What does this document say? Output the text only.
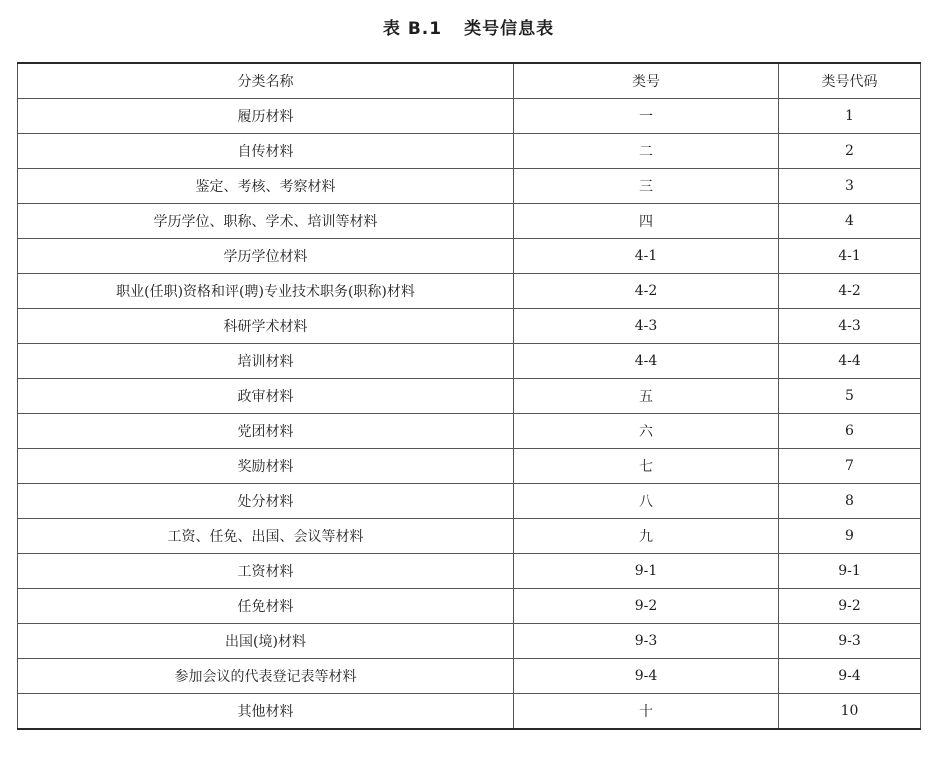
表 B.1 类号信息表
分类名称	类号	类号代码
履历材料	一	1
自传材料	二	2
鉴定、考核、考察材料	三	3
学历学位、职称、学术、培训等材料	四	4
学历学位材料	4-1	4-1
职业(任职)资格和评(聘)专业技术职务(职称)材料	4-2	4-2
科研学术材料	4-3	4-3
培训材料	4-4	4-4
政审材料	五	5
党团材料	六	6
奖励材料	七	7
处分材料	八	8
工资、任免、出国、会议等材料	九	9
工资材料	9-1	9-1
任免材料	9-2	9-2
出国(境)材料	9-3	9-3
参加会议的代表登记表等材料	9-4	9-4
其他材料	十	10
